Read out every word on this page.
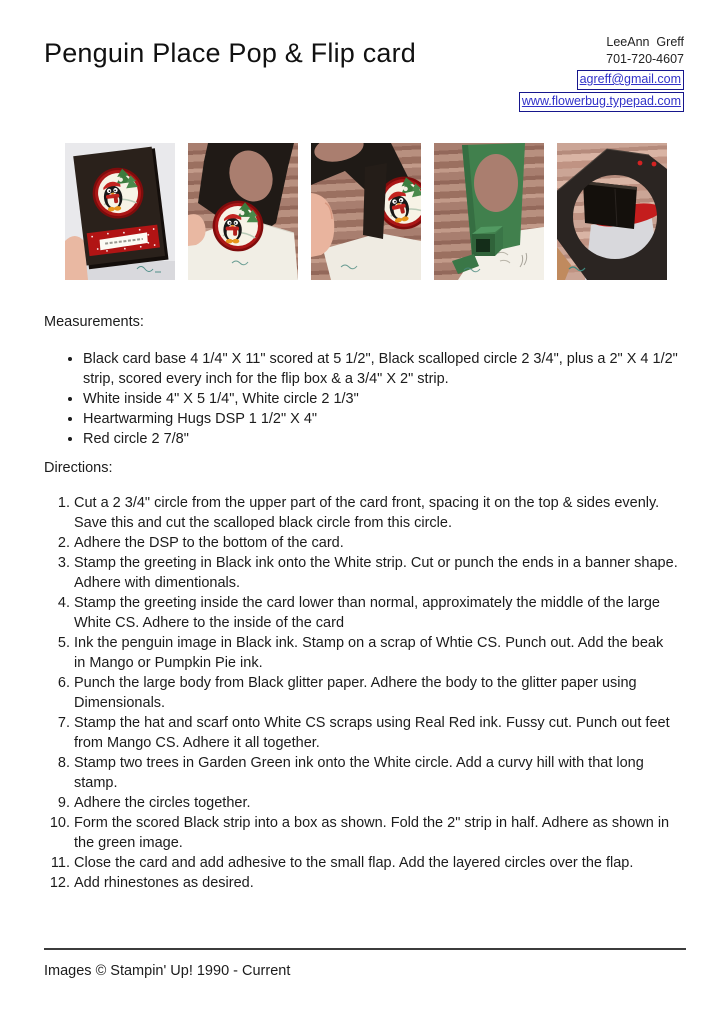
Penguin Place Pop & Flip card	LeeAnn  Greff
701-720-4607
agreff@gmail.com
www.flowerbug.typepad.com

Measurements:

• Black card base 4 1/4" X 11" scored at 5 1/2", Black scalloped circle 2 3/4", plus a 2" X 4 1/2" strip, scored every inch for the flip box & a 3/4" X 2" strip.
• White inside 4" X 5 1/4", White circle 2 1/3"
• Heartwarming Hugs DSP 1 1/2" X 4"
• Red circle 2 7/8"

Directions:

1. Cut a 2 3/4" circle from the upper part of the card front, spacing it on the top & sides evenly. Save this and cut the scalloped black circle from this circle.
2. Adhere the DSP to the bottom of the card.
3. Stamp the greeting in Black ink onto the White strip. Cut or punch the ends in a banner shape. Adhere with dimentionals.
4. Stamp the greeting inside the card lower than normal, approximately the middle of the large White CS. Adhere to the inside of the card
5. Ink the penguin image in Black ink. Stamp on a scrap of Whtie CS. Punch out. Add the beak in Mango or Pumpkin Pie ink.
6. Punch the large body from Black glitter paper. Adhere the body to the glitter paper using Dimensionals.
7. Stamp the hat and scarf onto White CS scraps using Real Red ink. Fussy cut. Punch out feet from Mango CS. Adhere it all together.
8. Stamp two trees in Garden Green ink onto the White circle. Add a curvy hill with that long stamp.
9. Adhere the circles together.
10. Form the scored Black strip into a box as shown. Fold the 2" strip in half. Adhere as shown in the green image.
11. Close the card and add adhesive to the small flap. Add the layered circles over the flap.
12. Add rhinestones as desired.

Images © Stampin' Up! 1990 - Current
